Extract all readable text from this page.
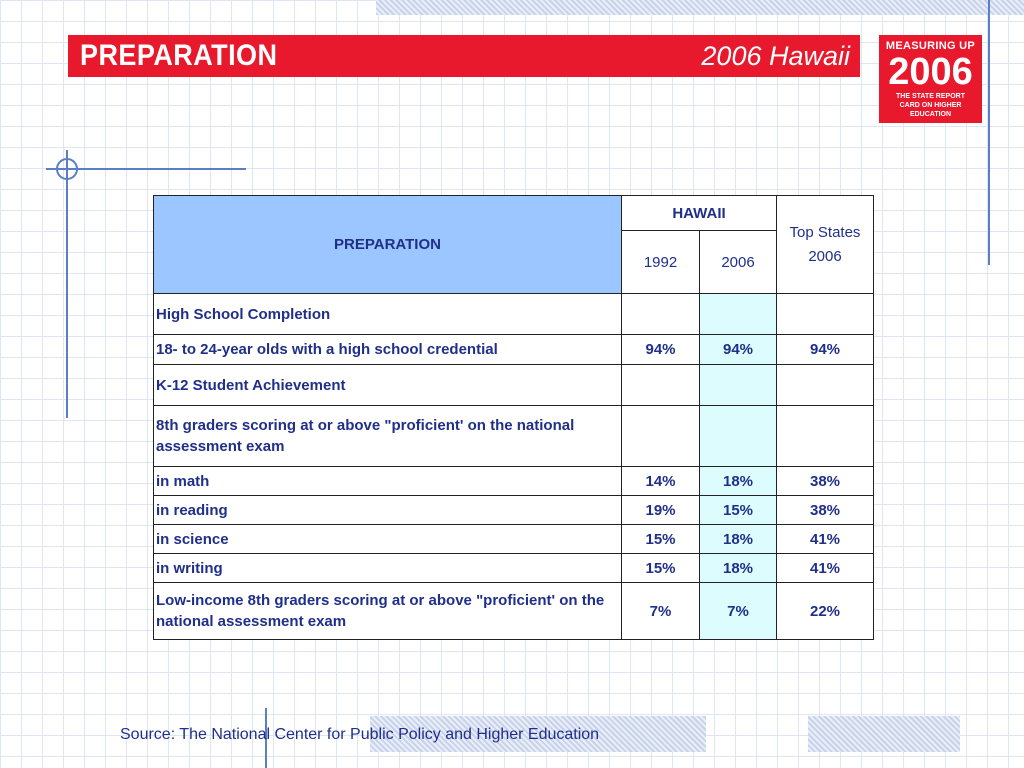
PREPARATION	2006 Hawaii	MEASURING UP
2006
THE STATE REPORT CARD ON HIGHER EDUCATION
PREPARATION	HAWAII		Top States 2006
	1992	2006	
High School Completion			
18- to 24-year olds with a high school credential	94%	94%	94%
K-12 Student Achievement			
8th graders scoring at or above "proficient' on the national assessment exam			
in math	14%	18%	38%
in reading	19%	15%	38%
in science	15%	18%	41%
in writing	15%	18%	41%
Low-income 8th graders scoring at or above "proficient' on the national assessment exam	7%	7%	22%
Source: The National Center for Public Policy and Higher Education
